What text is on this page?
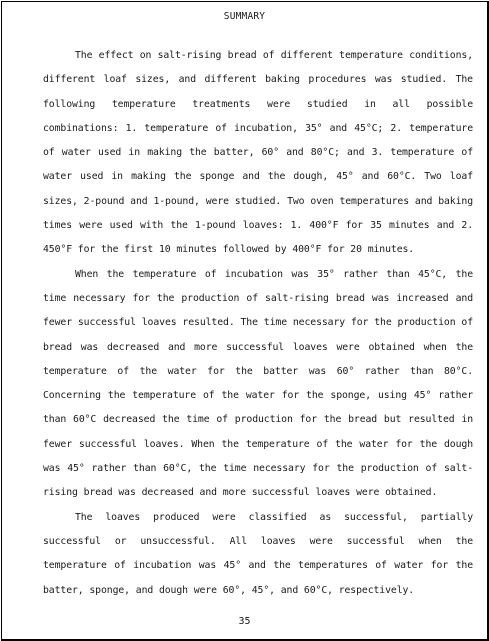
SUMMARY

The effect on salt-rising bread of different temperature conditions, different loaf sizes, and different baking procedures was studied. The following temperature treatments were studied in all possible combinations: 1. temperature of incubation, 35° and 45°C; 2. temperature of water used in making the batter, 60° and 80°C; and 3. temperature of water used in making the sponge and the dough, 45° and 60°C. Two loaf sizes, 2-pound and 1-pound, were studied. Two oven temperatures and baking times were used with the 1-pound loaves: 1. 400°F for 35 minutes and 2. 450°F for the first 10 minutes followed by 400°F for 20 minutes.

When the temperature of incubation was 35° rather than 45°C, the time necessary for the production of salt-rising bread was increased and fewer successful loaves resulted. The time necessary for the production of bread was decreased and more successful loaves were obtained when the temperature of the water for the batter was 60° rather than 80°C. Concerning the temperature of the water for the sponge, using 45° rather than 60°C decreased the time of production for the bread but resulted in fewer successful loaves. When the temperature of the water for the dough was 45° rather than 60°C, the time necessary for the production of salt-rising bread was decreased and more successful loaves were obtained.

The loaves produced were classified as successful, partially successful or unsuccessful. All loaves were successful when the temperature of incubation was 45° and the temperatures of water for the batter, sponge, and dough were 60°, 45°, and 60°C, respectively.

35
